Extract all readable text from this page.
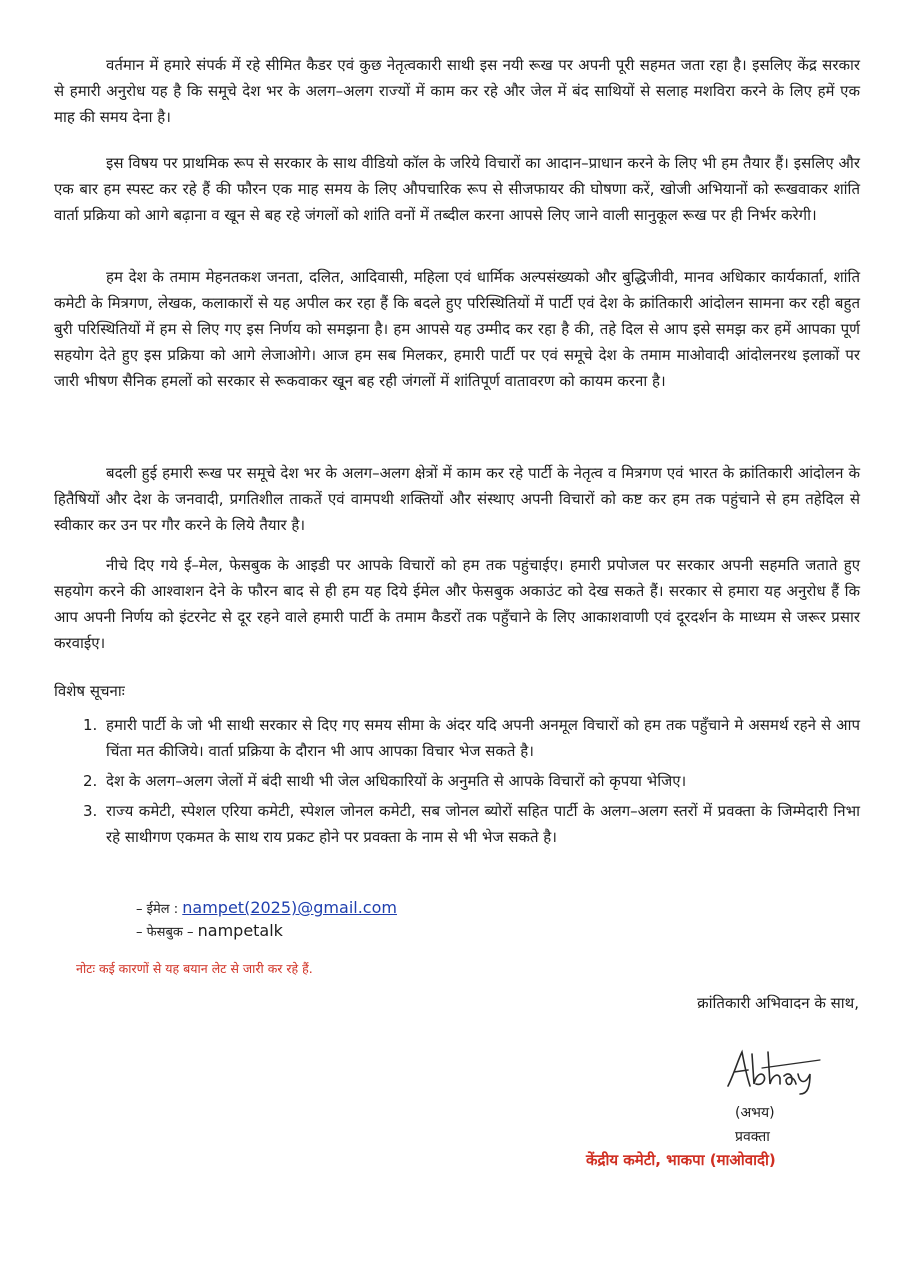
वर्तमान में हमारे संपर्क में रहे सीमित कैडर एवं कुछ नेतृत्वकारी साथी इस नयी रूख पर अपनी पूरी सहमत जता रहा है। इसलिए केंद्र सरकार से हमारी अनुरोध यह है कि समूचे देश भर के अलग–अलग राज्यों में काम कर रहे और जेल में बंद साथियों से सलाह मशविरा करने के लिए हमें एक माह की समय देना है।

इस विषय पर प्राथमिक रूप से सरकार के साथ वीडियो कॉल के जरिये विचारों का आदान–प्राधान करने के लिए भी हम तैयार हैं। इसलिए और एक बार हम स्पस्ट कर रहे हैं की फौरन एक माह समय के लिए औपचारिक रूप से सीजफायर की घोषणा करें, खोजी अभियानों को रूखवाकर शांति वार्ता प्रक्रिया को आगे बढ़ाना व खून से बह रहे जंगलों को शांति वनों में तब्दील करना आपसे लिए जाने वाली सानुकूल रूख पर ही निर्भर करेगी।

हम देश के तमाम मेहनतकश जनता, दलित, आदिवासी, महिला एवं धार्मिक अल्पसंख्यको और बुद्धिजीवी, मानव अधिकार कार्यकार्ता, शांति कमेटी के मित्रगण, लेखक, कलाकारों से यह अपील कर रहा हैं कि बदले हुए परिस्थितियों में पार्टी एवं देश के क्रांतिकारी आंदोलन सामना कर रही बहुत बुरी परिस्थितियों में हम से लिए गए इस निर्णय को समझना है। हम आपसे यह उम्मीद कर रहा है की, तहे दिल से आप इसे समझ कर हमें आपका पूर्ण सहयोग देते हुए इस प्रक्रिया को आगे लेजाओगे। आज हम सब मिलकर, हमारी पार्टी पर एवं समूचे देश के तमाम माओवादी आंदोलनरथ इलाकों पर जारी भीषण सैनिक हमलों को सरकार से रूकवाकर खून बह रही जंगलों में शांतिपूर्ण वातावरण को कायम करना है।

बदली हुई हमारी रूख पर समूचे देश भर के अलग–अलग क्षेत्रों में काम कर रहे पार्टी के नेतृत्व व मित्रगण एवं भारत के क्रांतिकारी आंदोलन के हितैषियों और देश के जनवादी, प्रगतिशील ताकतें एवं वामपथी शक्तियों और संस्थाए अपनी विचारों को कष्ट कर हम तक पहुंचाने से हम तहेदिल से स्वीकार कर उन पर गौर करने के लिये तैयार है।

नीचे दिए गये ई–मेल, फेसबुक के आइडी पर आपके विचारों को हम तक पहुंचाईए। हमारी प्रपोजल पर सरकार अपनी सहमति जताते हुए सहयोग करने की आश्वाशन देने के फौरन बाद से ही हम यह दिये ईमेल और फेसबुक अकाउंट को देख सकते हैं। सरकार से हमारा यह अनुरोध हैं कि आप अपनी निर्णय को इंटरनेट से दूर रहने वाले हमारी पार्टी के तमाम कैडरों तक पहुँचाने के लिए आकाशवाणी एवं दूरदर्शन के माध्यम से जरूर प्रसार करवाईए।

विशेष सूचनाः

1. हमारी पार्टी के जो भी साथी सरकार से दिए गए समय सीमा के अंदर यदि अपनी अनमूल विचारों को हम तक पहुँचाने मे असमर्थ रहने से आप चिंता मत कीजिये। वार्ता प्रक्रिया के दौरान भी आप आपका विचार भेज सकते है।
2. देश के अलग–अलग जेलों में बंदी साथी भी जेल अधिकारियों के अनुमति से आपके विचारों को कृपया भेजिए।
3. राज्य कमेटी, स्पेशल एरिया कमेटी, स्पेशल जोनल कमेटी, सब जोनल ब्योरों सहित पार्टी के अलग–अलग स्तरों में प्रवक्ता के जिम्मेदारी निभा रहे साथीगण एकमत के साथ राय प्रकट होने पर प्रवक्ता के नाम से भी भेज सकते है।
– ईमेल : nampet(2025)@gmail.com
– फेसबुक – nampetalk
नोटः कई कारणों से यह बयान लेट से जारी कर रहे हैं.
क्रांतिकारी अभिवादन के साथ,
(अभय)
प्रवक्ता
केंद्रीय कमेटी, भाकपा (माओवादी)
